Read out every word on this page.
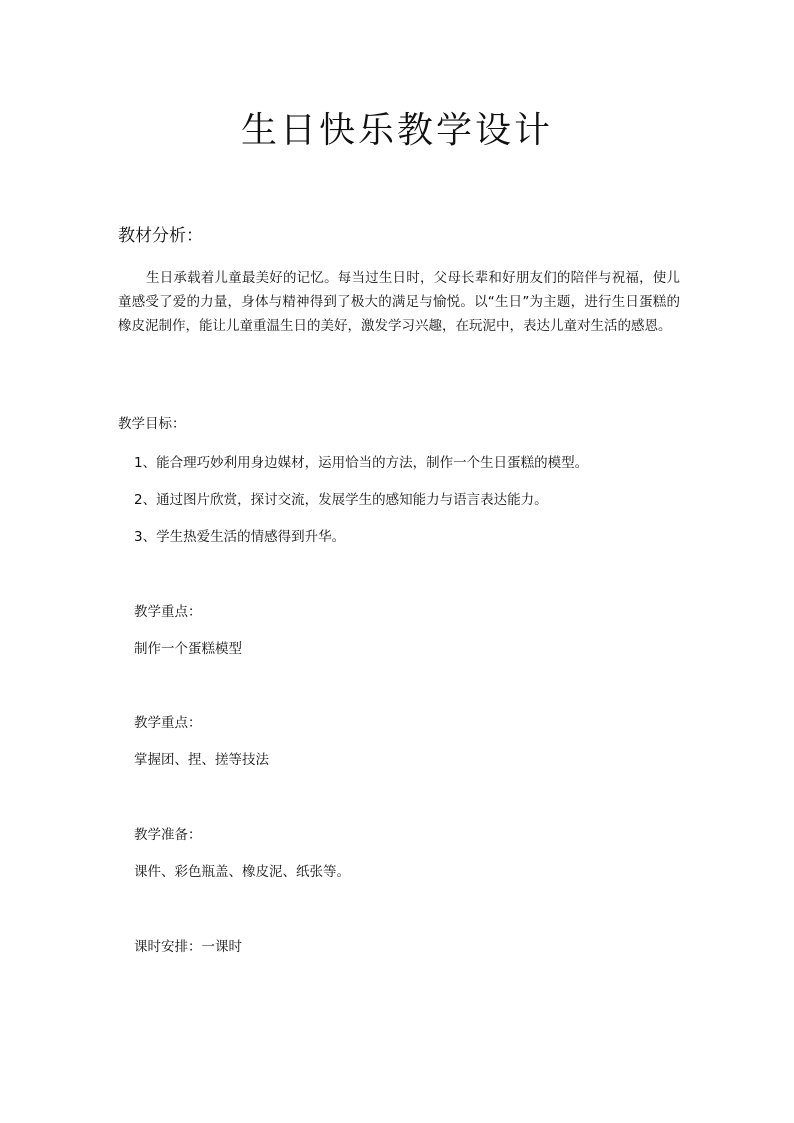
生日快乐教学设计
教材分析：

生日承载着儿童最美好的记忆。每当过生日时，父母长辈和好朋友们的陪伴与祝福，使儿童感受了爱的力量，身体与精神得到了极大的满足与愉悦。以“生日”为主题，进行生日蛋糕的橡皮泥制作，能让儿童重温生日的美好，激发学习兴趣，在玩泥中，表达儿童对生活的感恩。

教学目标：

1、能合理巧妙利用身边媒材，运用恰当的方法，制作一个生日蛋糕的模型。

2、通过图片欣赏，探讨交流，发展学生的感知能力与语言表达能力。

3、学生热爱生活的情感得到升华。

教学重点：

制作一个蛋糕模型

教学重点：

掌握团、捏、搓等技法

教学准备：

课件、彩色瓶盖、橡皮泥、纸张等。

课时安排：一课时
